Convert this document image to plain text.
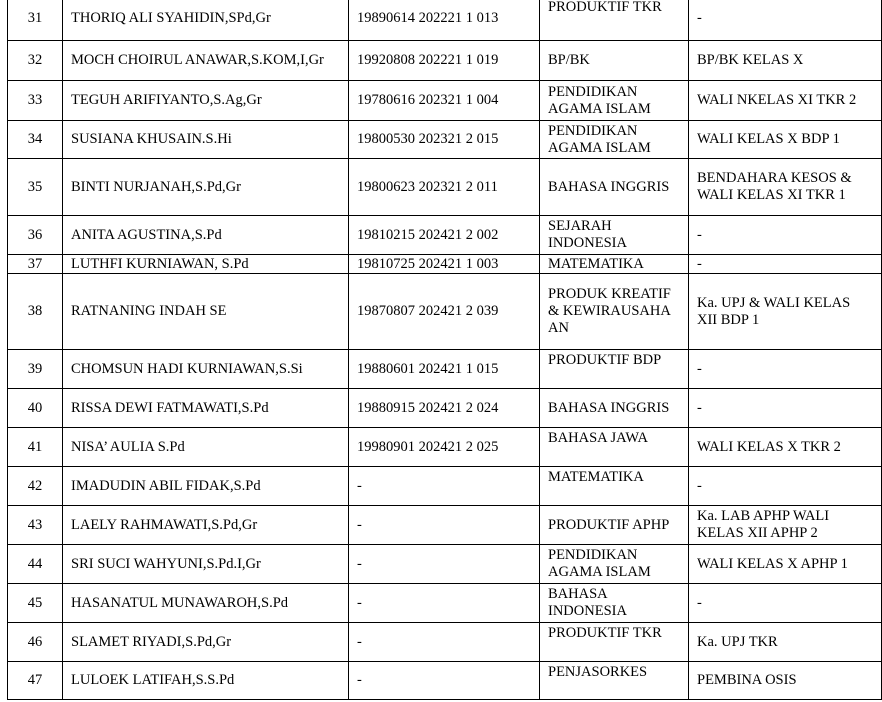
31	THORIQ ALI SYAHIDIN,SPd,Gr	19890614 202221 1 013	PRODUKTIF TKR	-
32	MOCH CHOIRUL ANAWAR,S.KOM,I,Gr	19920808 202221 1 019	BP/BK	BP/BK KELAS X
33	TEGUH ARIFIYANTO,S.Ag,Gr	19780616 202321 1 004	PENDIDIKAN AGAMA ISLAM	WALI NKELAS XI TKR 2
34	SUSIANA KHUSAIN.S.Hi	19800530 202321 2 015	PENDIDIKAN AGAMA ISLAM	WALI KELAS X BDP 1
35	BINTI NURJANAH,S.Pd,Gr	19800623 202321 2 011	BAHASA INGGRIS	BENDAHARA KESOS & WALI KELAS XI TKR 1
36	ANITA AGUSTINA,S.Pd	19810215 202421 2 002	SEJARAH INDONESIA	-
37	LUTHFI KURNIAWAN, S.Pd	19810725 202421 1 003	MATEMATIKA	-
38	RATNANING INDAH SE	19870807 202421 2 039	PRODUK KREATIF & KEWIRAUSAHA AN	Ka. UPJ & WALI KELAS XII BDP 1
39	CHOMSUN HADI KURNIAWAN,S.Si	19880601 202421 1 015	PRODUKTIF BDP	-
40	RISSA DEWI FATMAWATI,S.Pd	19880915 202421 2 024	BAHASA INGGRIS	-
41	NISA’ AULIA S.Pd	19980901 202421 2 025	BAHASA JAWA	WALI KELAS X TKR 2
42	IMADUDIN ABIL FIDAK,S.Pd	-	MATEMATIKA	-
43	LAELY RAHMAWATI,S.Pd,Gr	-	PRODUKTIF APHP	Ka. LAB APHP WALI KELAS XII APHP 2
44	SRI SUCI WAHYUNI,S.Pd.I,Gr	-	PENDIDIKAN AGAMA ISLAM	WALI KELAS X APHP 1
45	HASANATUL MUNAWAROH,S.Pd	-	BAHASA INDONESIA	-
46	SLAMET RIYADI,S.Pd,Gr	-	PRODUKTIF TKR	Ka. UPJ TKR
47	LULOEK LATIFAH,S.S.Pd	-	PENJASORKES	PEMBINA OSIS
